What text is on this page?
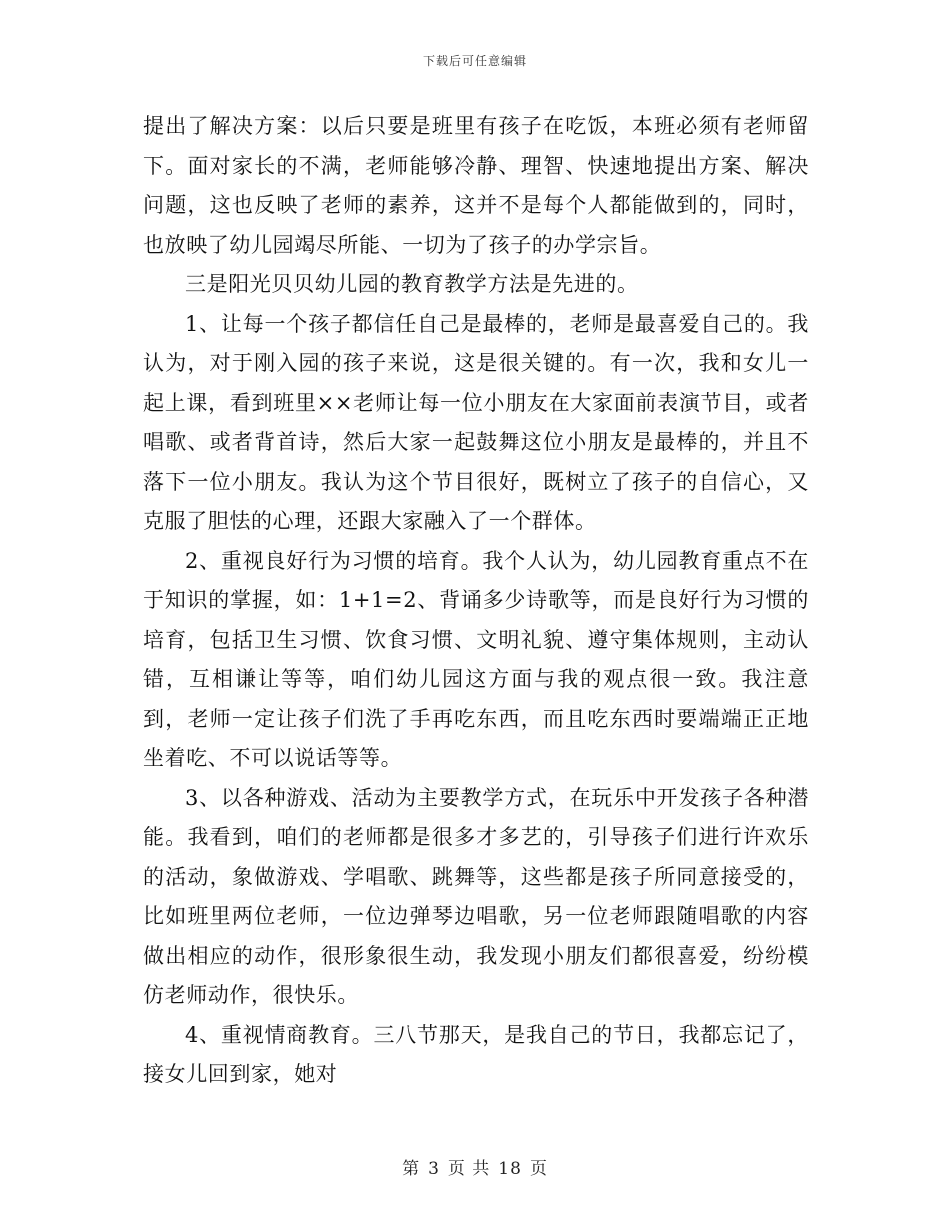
下载后可任意编辑

提出了解决方案：以后只要是班里有孩子在吃饭，本班必须有老师留下。面对家长的不满，老师能够冷静、理智、快速地提出方案、解决问题，这也反映了老师的素养，这并不是每个人都能做到的，同时，也放映了幼儿园竭尽所能、一切为了孩子的办学宗旨。

三是阳光贝贝幼儿园的教育教学方法是先进的。

1、让每一个孩子都信任自己是最棒的，老师是最喜爱自己的。我认为，对于刚入园的孩子来说，这是很关键的。有一次，我和女儿一起上课，看到班里××老师让每一位小朋友在大家面前表演节目，或者唱歌、或者背首诗，然后大家一起鼓舞这位小朋友是最棒的，并且不落下一位小朋友。我认为这个节目很好，既树立了孩子的自信心，又克服了胆怯的心理，还跟大家融入了一个群体。

2、重视良好行为习惯的培育。我个人认为，幼儿园教育重点不在于知识的掌握，如：1+1=2、背诵多少诗歌等，而是良好行为习惯的培育，包括卫生习惯、饮食习惯、文明礼貌、遵守集体规则，主动认错，互相谦让等等，咱们幼儿园这方面与我的观点很一致。我注意到，老师一定让孩子们洗了手再吃东西，而且吃东西时要端端正正地坐着吃、不可以说话等等。

3、以各种游戏、活动为主要教学方式，在玩乐中开发孩子各种潜能。我看到，咱们的老师都是很多才多艺的，引导孩子们进行许欢乐的活动，象做游戏、学唱歌、跳舞等，这些都是孩子所同意接受的，比如班里两位老师，一位边弹琴边唱歌，另一位老师跟随唱歌的内容做出相应的动作，很形象很生动，我发现小朋友们都很喜爱，纷纷模仿老师动作，很快乐。

4、重视情商教育。三八节那天，是我自己的节日，我都忘记了，接女儿回到家，她对

第 3 页 共 18 页
